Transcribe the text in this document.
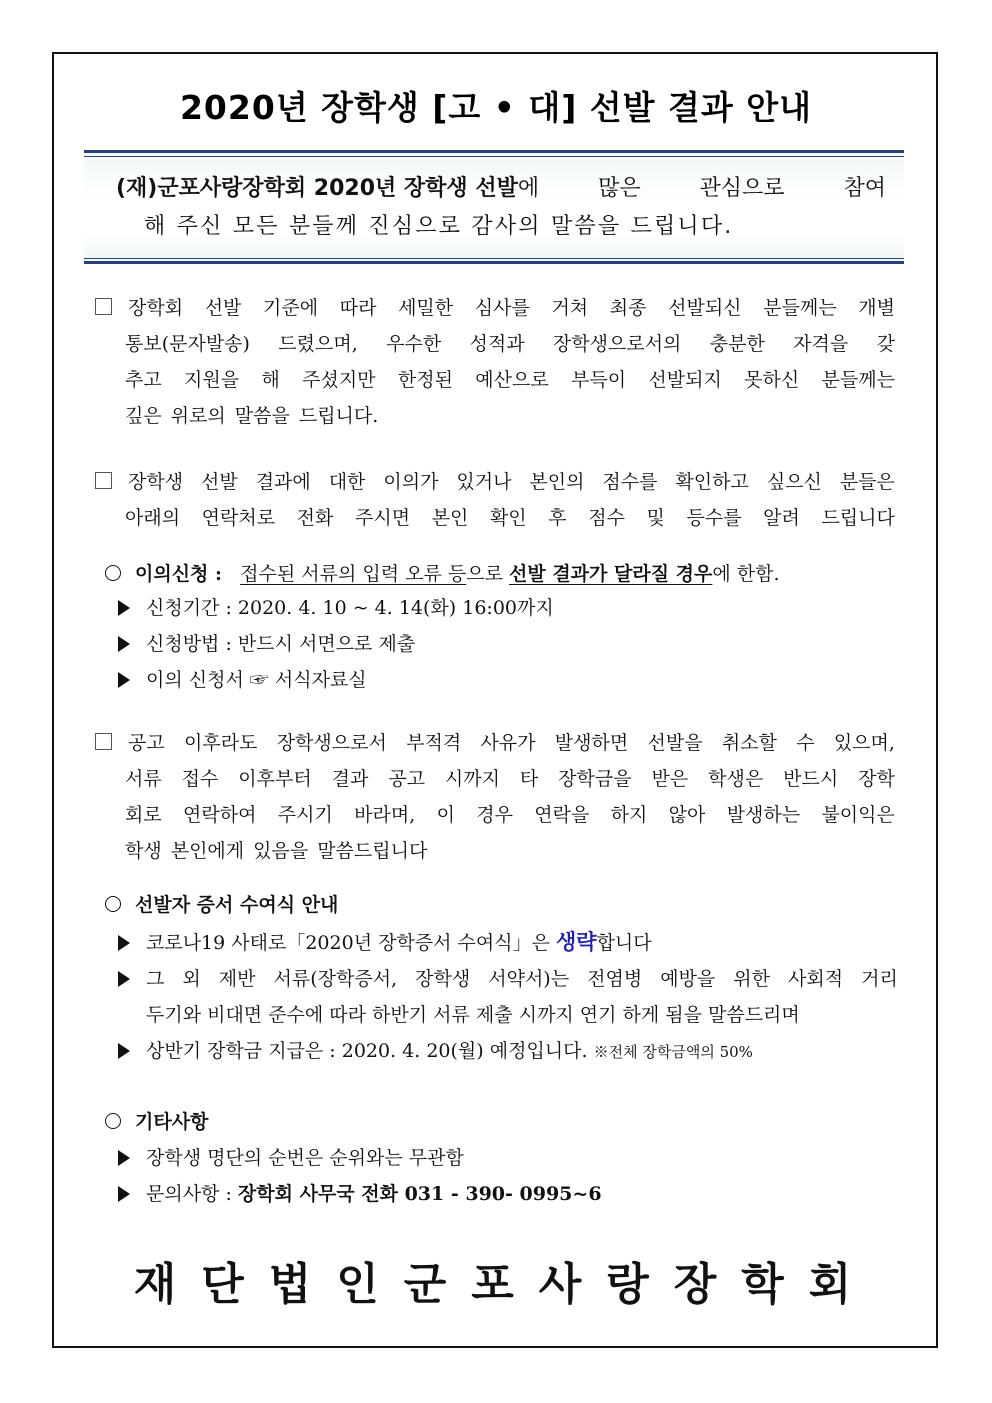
2020년 장학생 [고 • 대] 선발 결과 안내
(재)군포사랑장학회 2020년 장학생 선발에	많은	관심으로	참여
해 주신 모든 분들께 진심으로 감사의 말씀을 드립니다.
장학회 선발 기준에 따라 세밀한 심사를 거쳐 최종 선발되신 분들께는 개별
통보(문자발송) 드렸으며, 우수한 성적과 장학생으로서의 충분한 자격을 갖
추고 지원을 해 주셨지만 한정된 예산으로 부득이 선발되지 못하신 분들께는
깊은 위로의 말씀을 드립니다.
장학생 선발 결과에 대한 이의가 있거나 본인의 점수를 확인하고 싶으신 분들은
아래의 연락처로 전화 주시면 본인 확인 후 점수 및 등수를 알려 드립니다
이의신청 : 접수된 서류의 입력 오류 등으로 선발 결과가 달라질 경우에 한함.
신청기간 : 2020. 4. 10 ~ 4. 14(화) 16:00까지
신청방법 : 반드시 서면으로 제출
이의 신청서 ☞ 서식자료실
공고 이후라도 장학생으로서 부적격 사유가 발생하면 선발을 취소할 수 있으며,
서류 접수 이후부터 결과 공고 시까지 타 장학금을 받은 학생은 반드시 장학
회로 연락하여 주시기 바라며, 이 경우 연락을 하지 않아 발생하는 불이익은
학생 본인에게 있음을 말씀드립니다
선발자 증서 수여식 안내
코로나19 사태로「2020년 장학증서 수여식」은 생략합니다
그 외 제반 서류(장학증서, 장학생 서약서)는 전염병 예방을 위한 사회적 거리
두기와 비대면 준수에 따라 하반기 서류 제출 시까지 연기 하게 됨을 말씀드리며
상반기 장학금 지급은 : 2020. 4. 20(월) 예정입니다. ※전체 장학금액의 50%
기타사항
장학생 명단의 순번은 순위와는 무관함
문의사항 : 장학회 사무국 전화 031 - 390- 0995~6
재단법인군포사랑장학회
